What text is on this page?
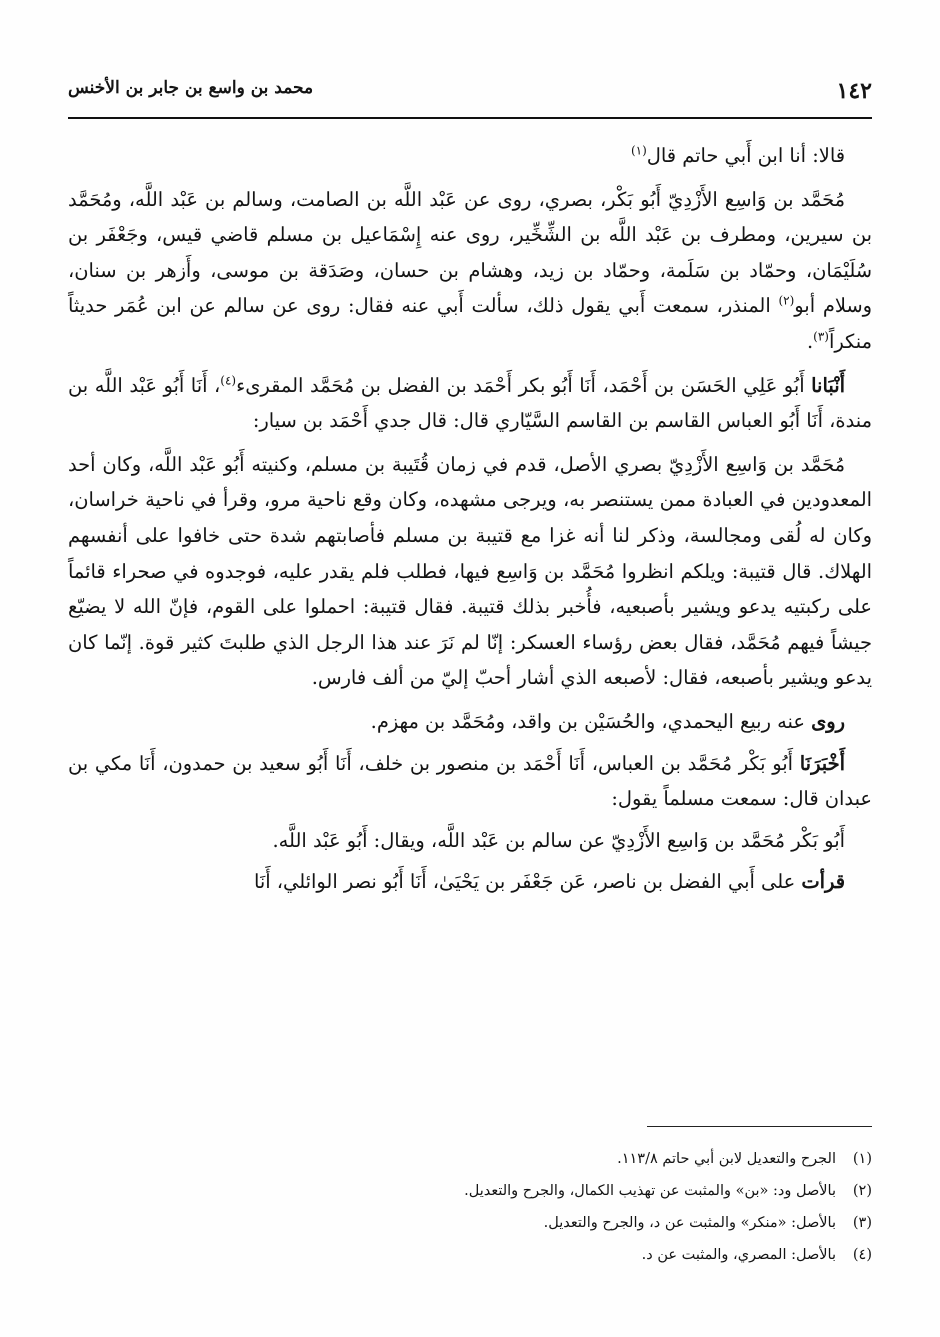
١٤٢
محمد بن واسع بن جابر بن الأخنس

قالا: أنا ابن أَبي حاتم قال$^{(١)}$

مُحَمَّد بن وَاسِع الأَزْدِيّ أَبُو بَكْر، بصري، روى عن عَبْد اللَّه بن الصامت، وسالم بن عَبْد اللَّه، ومُحَمَّد بن سيرين، ومطرف بن عَبْد اللَّه بن الشِّخِّير، روى عنه إِسْمَاعيل بن مسلم قاضي قيس، وجَعْفَر بن سُلَيْمَان، وحمّاد بن سَلَمة، وحمّاد بن زيد، وهشام بن حسان، وصَدَقة بن موسى، وأَزهر بن سنان، وسلام أبو$^{(٢)}$ المنذر، سمعت أَبي يقول ذلك، سألت أَبي عنه فقال: روى عن سالم عن ابن عُمَر حديثاً منكراً$^{(٣)}$.

أَنْبَانا أَبُو عَلِي الحَسَن بن أَحْمَد، أَنَا أَبُو بكر أَحْمَد بن الفضل بن مُحَمَّد المقرىء$^{(٤)}$، أَنَا أَبُو عَبْد اللَّه بن مندة، أَنَا أَبُو العباس القاسم بن القاسم السَّيّاري قال: قال جدي أَحْمَد بن سيار:

مُحَمَّد بن وَاسِع الأَزْدِيّ بصري الأصل، قدم في زمان قُتَيبة بن مسلم، وكنيته أَبُو عَبْد اللَّه، وكان أحد المعدودين في العبادة ممن يستنصر به، ويرجى مشهده، وكان وقع ناحية مرو، وقرأ في ناحية خراسان، وكان له لُقى ومجالسة، وذكر لنا أنه غزا مع قتيبة بن مسلم فأصابتهم شدة حتى خافوا على أنفسهم الهلاك. قال قتيبة: ويلكم انظروا مُحَمَّد بن وَاسِع فيها، فطلب فلم يقدر عليه، فوجدوه في صحراء قائماً على ركبتيه يدعو ويشير بأصبعيه، فأُخبر بذلك قتيبة. فقال قتيبة: احملوا على القوم، فإنّ الله لا يضيّع جيشاً فيهم مُحَمَّد، فقال بعض رؤساء العسكر: إنّا لم نَرَ عند هذا الرجل الذي طلبتَ كثير قوة. إنّما كان يدعو ويشير بأصبعه، فقال: لأصبعه الذي أشار أحبّ إليّ من ألف فارس.

روى عنه ربيع اليحمدي، والحُسَيْن بن واقد، ومُحَمَّد بن مهزم.

أَخْبَرَنَا أَبُو بَكْر مُحَمَّد بن العباس، أَنَا أَحْمَد بن منصور بن خلف، أَنَا أَبُو سعيد بن حمدون، أَنَا مكي بن عبدان قال: سمعت مسلماً يقول:

أَبُو بَكْر مُحَمَّد بن وَاسِع الأَزْدِيّ عن سالم بن عَبْد اللَّه، ويقال: أَبُو عَبْد اللَّه.

قرأت على أَبي الفضل بن ناصر، عَن جَعْفَر بن يَحْيَىٰ، أَنَا أَبُو نصر الوائلي، أَنَا

(١)
الجرح والتعديل لابن أبي حاتم ١١٣/٨.
(٢)
بالأصل ود: «بن» والمثبت عن تهذيب الكمال، والجرح والتعديل.
(٣)
بالأصل: «منكر» والمثبت عن د، والجرح والتعديل.
(٤)
بالأصل: المصري، والمثبت عن د.
